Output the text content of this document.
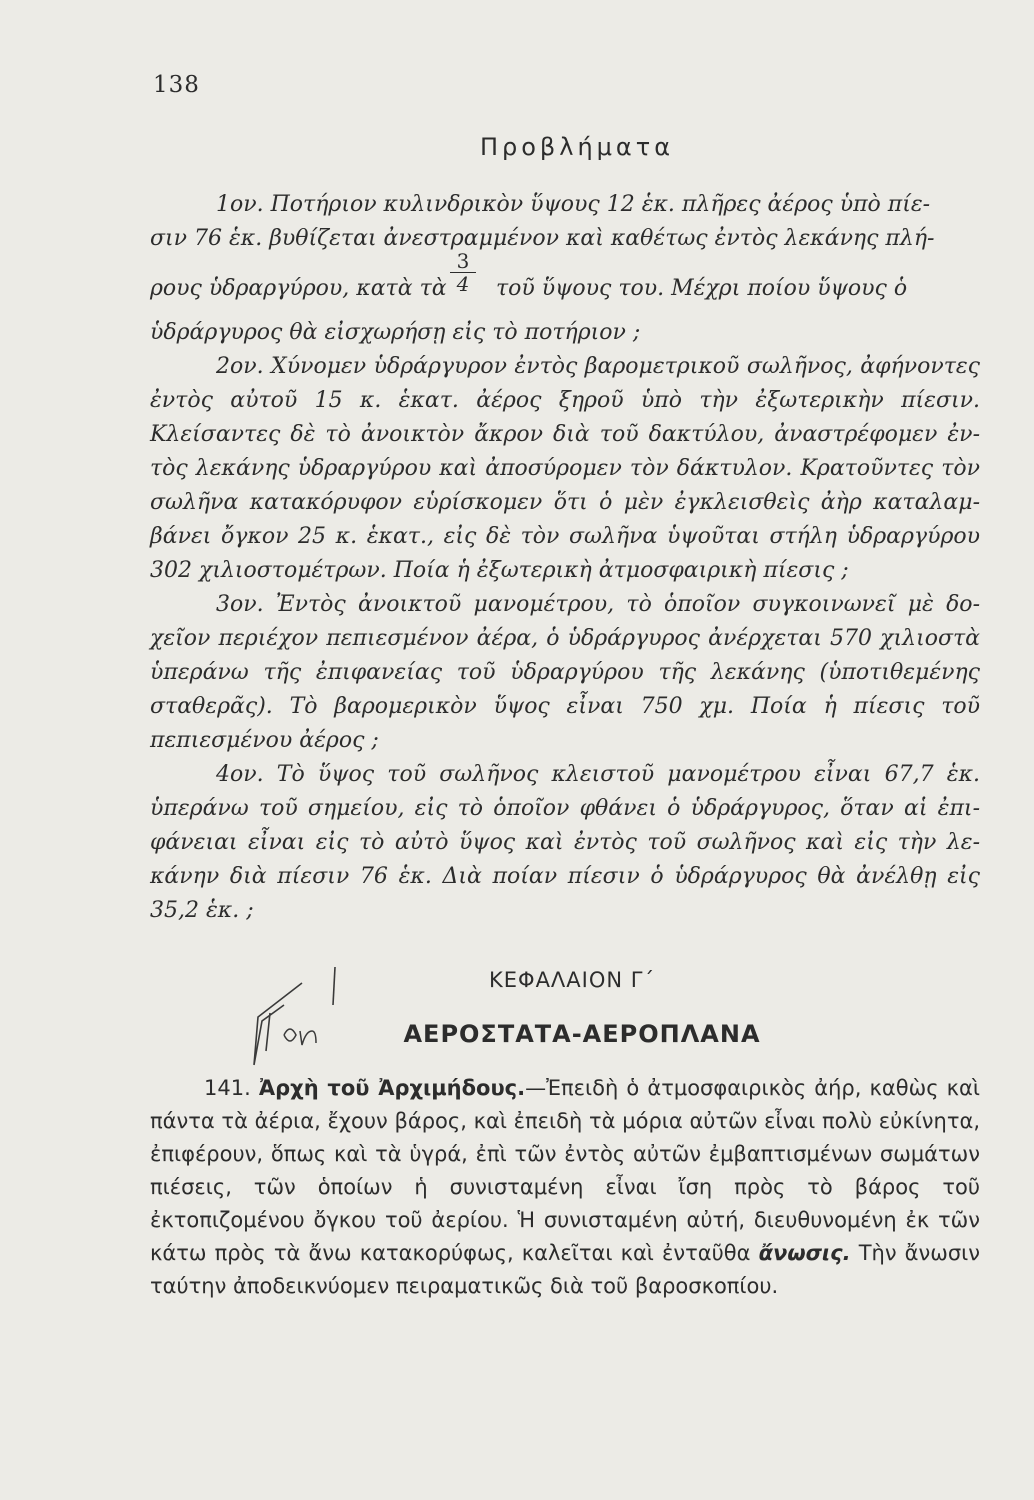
138
Προβλήματα

1ον. Ποτήριον κυλινδρικὸν ὕψους 12 ἑκ. πλῆρες ἀέρος ὑπὸ πίε-

σιν 76 ἑκ. βυθίζεται ἀνεστραμμένον καὶ καθέτως ἐντὸς λεκάνης πλή-

ρους ὑδραργύρου, κατὰ τὰ $\frac{3}{4}$ τοῦ ὕψους του. Μέχρι ποίου ὕψους ὁ

ὑδράργυρος θὰ εἰσχωρήσῃ εἰς τὸ ποτήριον ;

2ον. Χύνομεν ὑδράργυρον ἐντὸς βαρομετρικοῦ σωλῆνος, ἀφήνοντες ἐντὸς αὐτοῦ 15 κ. ἑκατ. ἀέρος ξηροῦ ὑπὸ τὴν ἐξωτερικὴν πίεσιν. Κλείσαντες δὲ τὸ ἀνοικτὸν ἄκρον διὰ τοῦ δακτύλου, ἀναστρέφομεν ἐντὸς λεκάνης ὑδραργύρου καὶ ἀποσύρομεν τὸν δάκτυλον. Κρατοῦντες τὸν σωλῆνα κατακόρυφον εὑρίσκομεν ὅτι ὁ μὲν ἐγκλεισθεὶς ἀὴρ καταλαμβάνει ὄγκον 25 κ. ἑκατ., εἰς δὲ τὸν σωλῆνα ὑψοῦται στήλη ὑδραργύρου 302 χιλιοστομέτρων. Ποία ἡ ἐξωτερικὴ ἀτμοσφαιρικὴ πίεσις ;

3ον. Ἐντὸς ἀνοικτοῦ μανομέτρου, τὸ ὁποῖον συγκοινωνεῖ μὲ δοχεῖον περιέχον πεπιεσμένον ἀέρα, ὁ ὑδράργυρος ἀνέρχεται 570 χιλιοστὰ ὑπεράνω τῆς ἐπιφανείας τοῦ ὑδραργύρου τῆς λεκάνης (ὑποτιθεμένης σταθερᾶς). Τὸ βαρομερικὸν ὕψος εἶναι 750 χμ. Ποία ἡ πίεσις τοῦ πεπιεσμένου ἀέρος ;

4ον. Τὸ ὕψος τοῦ σωλῆνος κλειστοῦ μανομέτρου εἶναι 67,7 ἑκ. ὑπεράνω τοῦ σημείου, εἰς τὸ ὁποῖον φθάνει ὁ ὑδράργυρος, ὅταν αἱ ἐπιφάνειαι εἶναι εἰς τὸ αὐτὸ ὕψος καὶ ἐντὸς τοῦ σωλῆνος καὶ εἰς τὴν λεκάνην διὰ πίεσιν 76 ἑκ. Διὰ ποίαν πίεσιν ὁ ὑδράργυρος θὰ ἀνέλθῃ εἰς 35,2 ἑκ. ;

ΚΕΦΑΛΑΙΟΝ Γ΄
ΑΕΡΟΣΤΑΤΑ-ΑΕΡΟΠΛΑΝΑ

141. Ἀρχὴ τοῦ Ἀρχιμήδους.—Ἐπειδὴ ὁ ἀτμοσφαιρικὸς ἀήρ, καθὼς καὶ πάντα τὰ ἀέρια, ἔχουν βάρος, καὶ ἐπειδὴ τὰ μόρια αὐτῶν εἶναι πολὺ εὐκίνητα, ἐπιφέρουν, ὅπως καὶ τὰ ὑγρά, ἐπὶ τῶν ἐντὸς αὐτῶν ἐμβαπτισμένων σωμάτων πιέσεις, τῶν ὁποίων ἡ συνισταμένη εἶναι ἴση πρὸς τὸ βάρος τοῦ ἐκτοπιζομένου ὄγκου τοῦ ἀερίου. Ἡ συνισταμένη αὐτή, διευθυνομένη ἐκ τῶν κάτω πρὸς τὰ ἄνω κατακορύφως, καλεῖται καὶ ἐνταῦθα ἄνωσις. Τὴν ἄνωσιν ταύτην ἀποδεικνύομεν πειραματικῶς διὰ τοῦ βαροσκοπίου.
